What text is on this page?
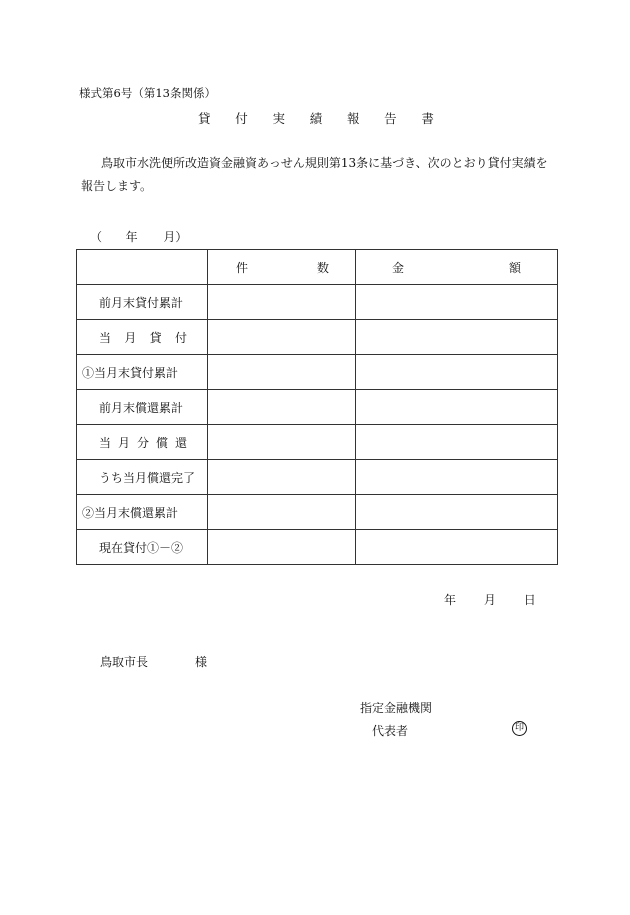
様式第6号（第13条関係）
貸 付 実 績 報 告 書
鳥取市水洗便所改造資金融資あっせん規則第13条に基づき、次のとおり貸付実績を報告します。
（ 年 月）

	件 数	金 額

前月末貸付累計		

当 月 貸 付		

①当月末貸付累計		

前月末償還累計		

当 月 分 償 還		

うち当月償還完了		

②当月末償還累計		

現在貸付①－②		

年 月 日
鳥取市長	様
指定金融機関
代表者	印
